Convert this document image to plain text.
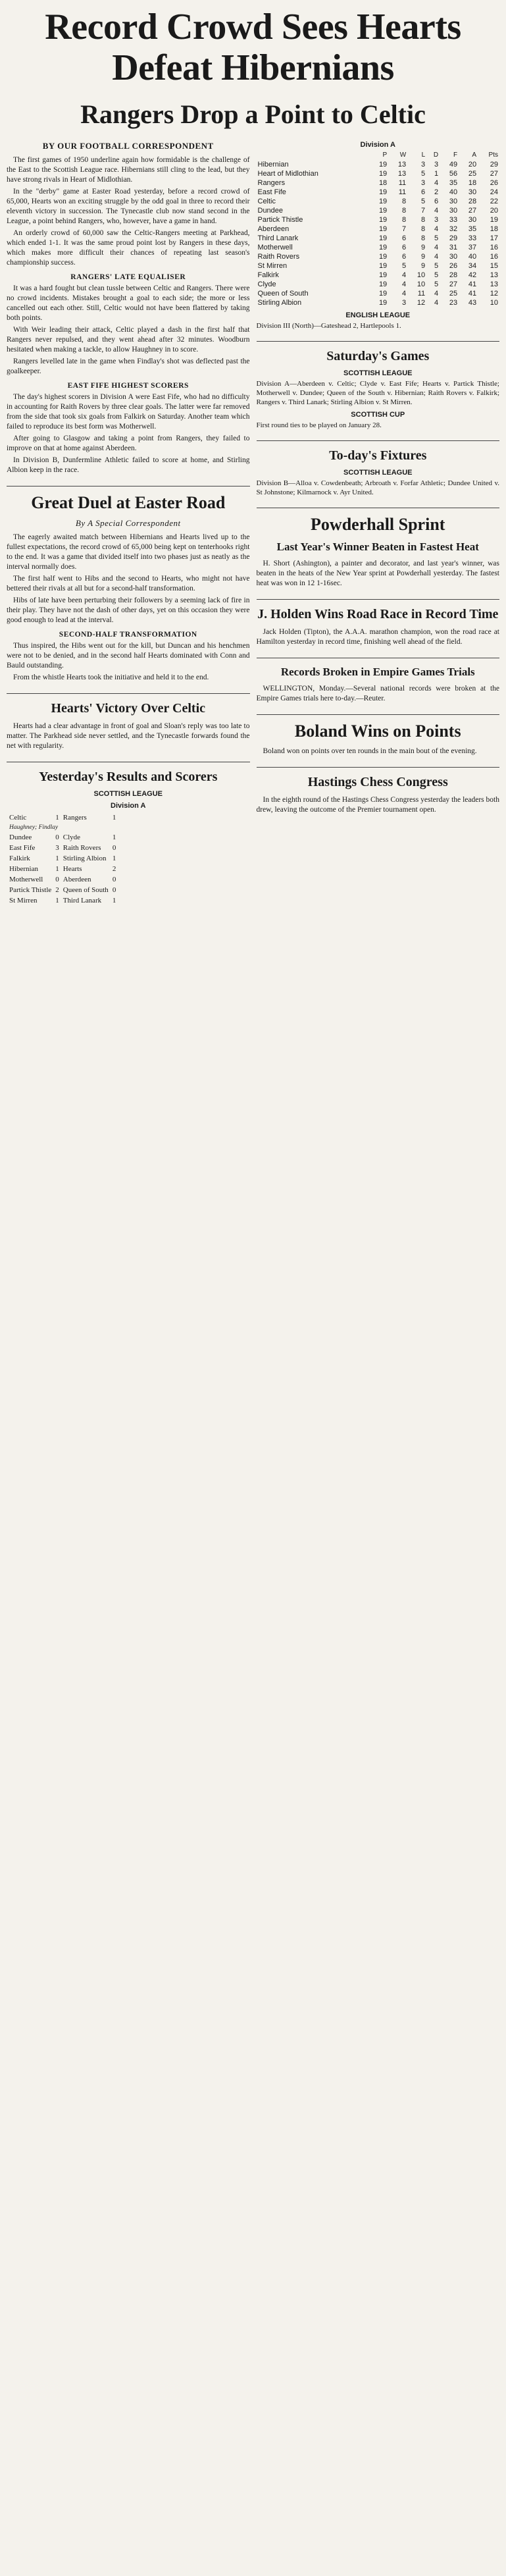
Record Crowd Sees Hearts Defeat Hibernians
Rangers Drop a Point to Celtic
BY OUR FOOTBALL CORRESPONDENT

The first games of 1950 underline again how formidable is the challenge of the East to the Scottish League race. Hibernians still cling to the lead, but they have strong rivals in Heart of Midlothian.

In the "derby" game at Easter Road yesterday, before a record crowd of 65,000, Hearts won an exciting struggle by the odd goal in three to record their eleventh victory in succession. The Tynecastle club now stand second in the League, a point behind Rangers, who, however, have a game in hand.

An orderly crowd of 60,000 saw the Celtic-Rangers meeting at Parkhead, which ended 1-1. It was the same proud point lost by Rangers in these days, which makes more difficult their chances of repeating last season's championship success.

RANGERS' LATE EQUALISER

It was a hard fought but clean tussle between Celtic and Rangers. There were no crowd incidents. Mistakes brought a goal to each side; the more or less cancelled out each other. Still, Celtic would not have been flattered by taking both points.

With Weir leading their attack, Celtic played a dash in the first half that Rangers never repulsed, and they went ahead after 32 minutes. Woodburn hesitated when making a tackle, to allow Haughney in to score.

Rangers levelled late in the game when Findlay's shot was deflected past the goalkeeper.

EAST FIFE HIGHEST SCORERS

The day's highest scorers in Division A were East Fife, who had no difficulty in accounting for Raith Rovers by three clear goals. The latter were far removed from the side that took six goals from Falkirk on Saturday. Another team which failed to reproduce its best form was Motherwell.

After going to Glasgow and taking a point from Rangers, they failed to improve on that at home against Aberdeen.

In Division B, Dunfermline Athletic failed to score at home, and Stirling Albion keep in the race.

Great Duel at Easter Road
By A Special Correspondent

The eagerly awaited match between Hibernians and Hearts lived up to the fullest expectations, the record crowd of 65,000 being kept on tenterhooks right to the end. It was a game that divided itself into two phases just as neatly as the interval normally does.

The first half went to Hibs and the second to Hearts, who might not have bettered their rivals at all but for a second-half transformation.

Hibs of late have been perturbing their followers by a seeming lack of fire in their play. They have not the dash of other days, yet on this occasion they were good enough to lead at the interval.

SECOND-HALF TRANSFORMATION

Thus inspired, the Hibs went out for the kill, but Duncan and his henchmen were not to be denied, and in the second half Hearts dominated with Conn and Bauld outstanding.

From the whistle Hearts took the initiative and held it to the end.

Hearts' Victory Over Celtic

Hearts had a clear advantage in front of goal and Sloan's reply was too late to matter. The Parkhead side never settled, and the Tynecastle forwards found the net with regularity.

Yesterday's Results and Scorers
SCOTTISH LEAGUE
Division A
Celtic	1	Rangers	1
Haughney; Findlay			
Dundee	0	Clyde	1
East Fife	3	Raith Rovers	0
Falkirk	1	Stirling Albion	1
Hibernian	1	Hearts	2
Motherwell	0	Aberdeen	0
Partick Thistle	2	Queen of South	0
St Mirren	1	Third Lanark	1
Division A
	P	W	L	D	F	A	Pts
Hibernian	19	13	3	3	49	20	29
Heart of Midlothian	19	13	5	1	56	25	27
Rangers	18	11	3	4	35	18	26
East Fife	19	11	6	2	40	30	24
Celtic	19	8	5	6	30	28	22
Dundee	19	8	7	4	30	27	20
Partick Thistle	19	8	8	3	33	30	19
Aberdeen	19	7	8	4	32	35	18
Third Lanark	19	6	8	5	29	33	17
Motherwell	19	6	9	4	31	37	16
Raith Rovers	19	6	9	4	30	40	16
St Mirren	19	5	9	5	26	34	15
Falkirk	19	4	10	5	28	42	13
Clyde	19	4	10	5	27	41	13
Queen of South	19	4	11	4	25	41	12
Stirling Albion	19	3	12	4	23	43	10
ENGLISH LEAGUE

Division III (North)—Gateshead 2, Hartlepools 1.

Saturday's Games
SCOTTISH LEAGUE

Division A—Aberdeen v. Celtic; Clyde v. East Fife; Hearts v. Partick Thistle; Motherwell v. Dundee; Queen of the South v. Hibernian; Raith Rovers v. Falkirk; Rangers v. Third Lanark; Stirling Albion v. St Mirren.

SCOTTISH CUP

First round ties to be played on January 28.

To-day's Fixtures
SCOTTISH LEAGUE

Division B—Alloa v. Cowdenbeath; Arbroath v. Forfar Athletic; Dundee United v. St Johnstone; Kilmarnock v. Ayr United.

Powderhall Sprint
Last Year's Winner Beaten in Fastest Heat

H. Short (Ashington), a painter and decorator, and last year's winner, was beaten in the heats of the New Year sprint at Powderhall yesterday. The fastest heat was won in 12 1-16sec.

J. Holden Wins Road Race in Record Time

Jack Holden (Tipton), the A.A.A. marathon champion, won the road race at Hamilton yesterday in record time, finishing well ahead of the field.

Records Broken in Empire Games Trials

WELLINGTON, Monday.—Several national records were broken at the Empire Games trials here to-day.—Reuter.

Boland Wins on Points

Boland won on points over ten rounds in the main bout of the evening.

Hastings Chess Congress

In the eighth round of the Hastings Chess Congress yesterday the leaders both drew, leaving the outcome of the Premier tournament open.
